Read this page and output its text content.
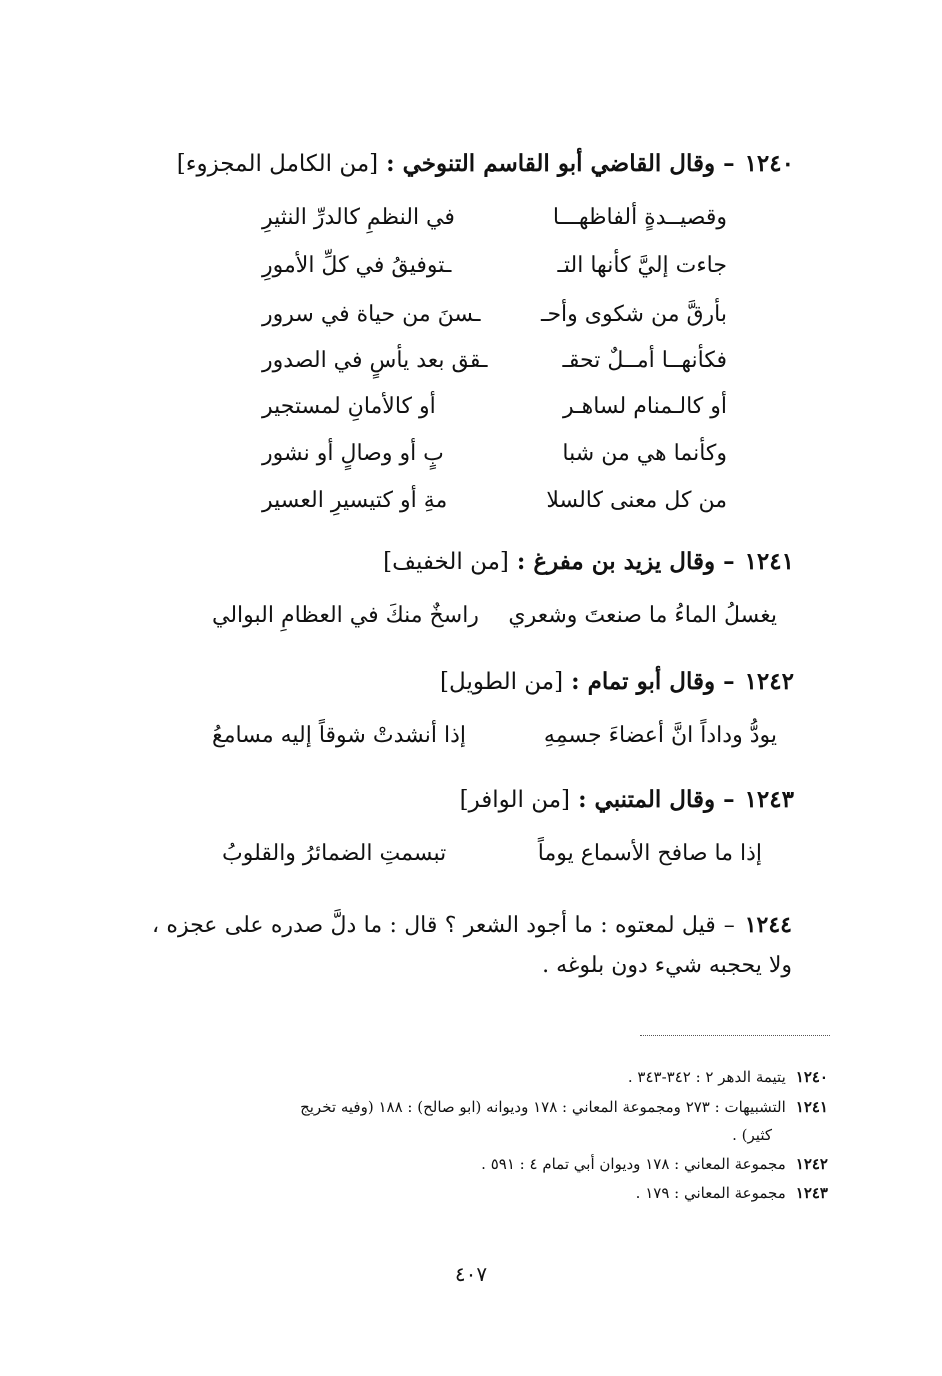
١٢٤٠–وقال القاضي أبو القاسم التنوخي : [من الكامل المجزوء]
وقصيــدةٍ ألفاظهـــا
في النظمِ كالدرِّ النثيرِ
جاءت إليَّ كأنها التـ
ـتوفيقُ في كلِّ الأمورِ
بأرقَّ من شكوى وأحـ
ـسنَ من حياة في سرور
فكأنهــا أمــلٌ تحقـ
ـقق بعد يأسٍ في الصدور
أو كالـمنام لساهـر
أو كالأمانِ لمستجير
وكأنما هي من شبا
بٍ أو وصالٍ أو نشور
من كل معنى كالسلا
مةِ أو كتيسيرِ العسير
١٢٤١–وقال يزيد بن مفرغ : [من الخفيف]
يغسلُ الماءُ ما صنعتَ وشعري
راسخٌ منكَ في العظامِ البوالي
١٢٤٢–وقال أبو تمام : [من الطويل]
يودُّ وداداً انَّ أعضاءَ جسمِهِ
إذا أنشدتْ شوقاً إليه مسامعُ
١٢٤٣–وقال المتنبي : [من الوافر]
إذا ما صافح الأسماع يوماً
تبسمتِ الضمائرُ والقلوبُ
١٢٤٤–قيل لمعتوه : ما أجود الشعر ؟ قال : ما دلَّ صدره على عجزه ، ولا يحجبه شيء دون بلوغه .
١٢٤٠يتيمة الدهر ٢ : ٣٤٢-٣٤٣ .
١٢٤١التشبيهات : ٢٧٣ ومجموعة المعاني : ١٧٨ وديوانه (ابو صالح) : ١٨٨ (وفيه تخريج
كثير) .
١٢٤٢مجموعة المعاني : ١٧٨ وديوان أبي تمام ٤ : ٥٩١ .
١٢٤٣مجموعة المعاني : ١٧٩ .
٤٠٧
